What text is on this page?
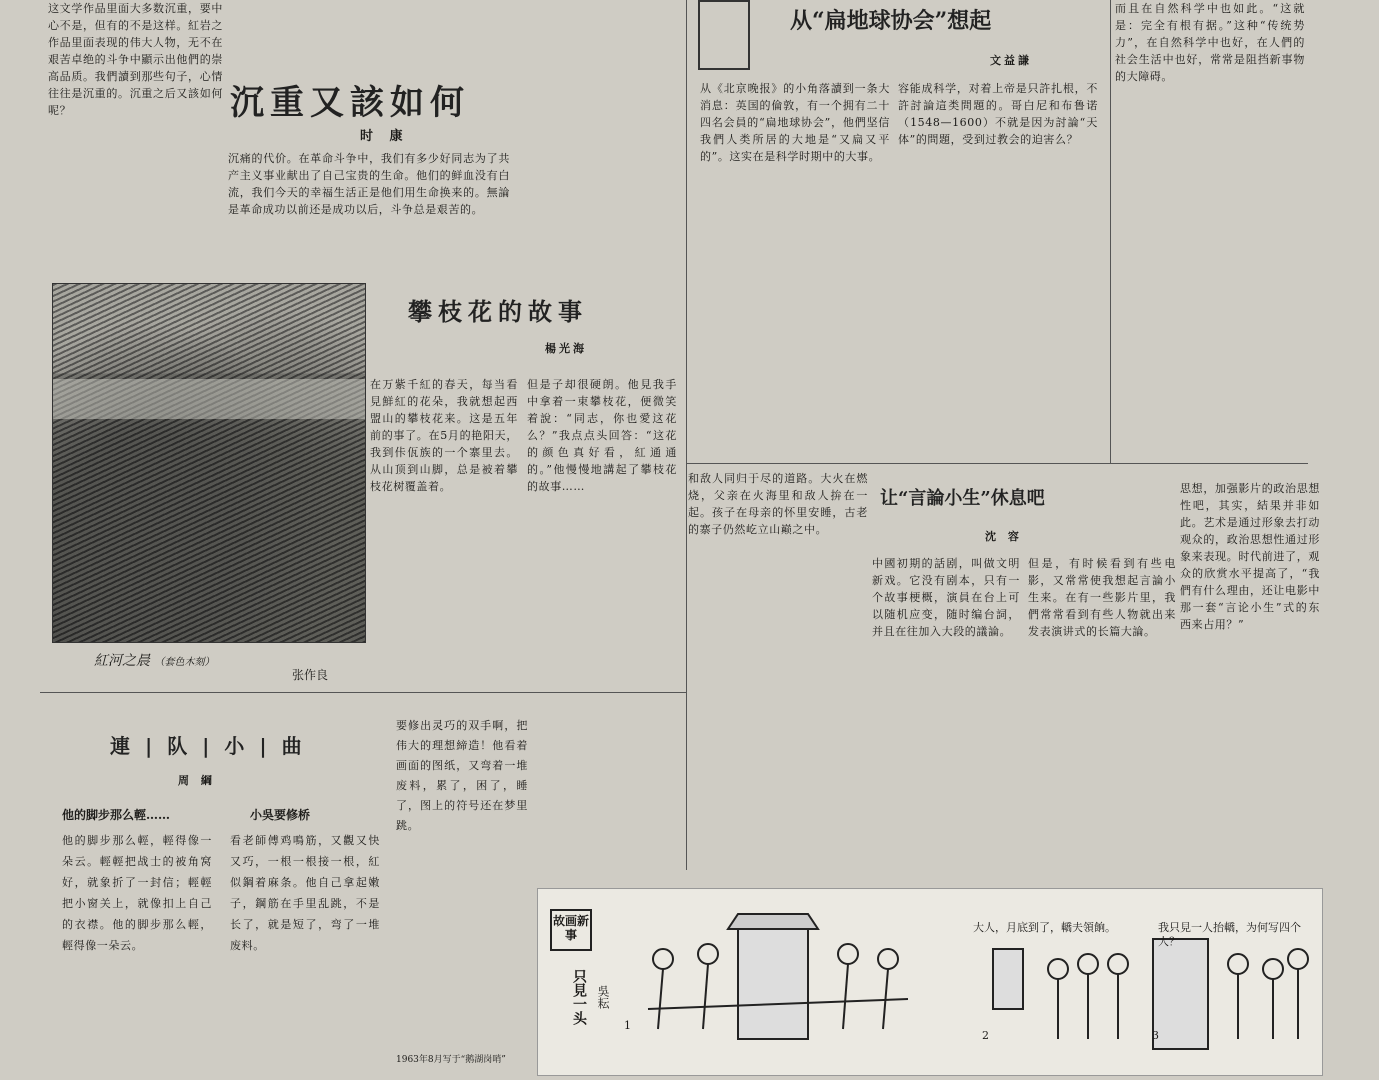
这文学作品里面大多数沉重，要中心不是，但有的不是这样。紅岩之作品里面表现的伟大人物，无不在艰苦卓绝的斗争中顯示出他們的崇高品质。我們讀到那些句子，心情往往是沉重的。沉重之后又該如何呢？	沉重又該如何
时 康
沉痛的代价。在革命斗争中，我们有多少好同志为了共产主义事业献出了自己宝贵的生命。他们的鲜血没有白流，我们今天的幸福生活正是他们用生命换来的。無論是革命成功以前还是成功以后，斗争总是艰苦的。
紅河之晨 （套色木刻）
张作良
攀枝花的故事
楊光海
在万紫千紅的春天，每当看見鮮紅的花朵，我就想起西盟山的攀枝花来。这是五年前的事了。在5月的艳阳天，我到佧佤族的一个寨里去。从山顶到山脚，总是被着攀枝花树覆盖着。
但是子却很硬朗。他見我手中拿着一束攀枝花，便微笑着說：“同志，你也愛这花么？”我点点头回答：“这花的颜色真好看，紅通通的。”他慢慢地講起了攀枝花的故事……
和敌人同归于尽的道路。大火在燃烧，父亲在火海里和敌人拚在一起。孩子在母亲的怀里安睡，古老的寨子仍然屹立山巅之中。
从“扁地球协会”想起
文益謙
从《北京晚报》的小角落讀到一条大消息：英国的倫敦，有一个拥有二十四名会員的“扁地球协会”，他們坚信我們人类所居的大地是“又扁又平的”。这实在是科学时期中的大事。
容能成科学，对着上帝是只許扎根，不許討論這类問題的。哥白尼和布鲁诺（1548—1600）不就是因为討論“天体”的問題，受到过教会的迫害么？
而且在自然科学中也如此。“这就是：完全有根有据。”这种“传统势力”，在自然科学中也好，在人們的社会生活中也好，常常是阻挡新事物的大障碍。
让“言論小生”休息吧
沈 容
中國初期的話剧，叫做文明新戏。它没有剧本，只有一个故事梗概，演員在台上可以随机应变，随时编台詞，并且在往加入大段的議論。
但是，有时候看到有些电影，又常常使我想起言論小生来。在有一些影片里，我們常常看到有些人物就出来发表演讲式的长篇大論。
思想，加强影片的政治思想性吧，其实，結果并非如此。艺术是通过形象去打动观众的，政治思想性通过形象来表现。时代前进了，观众的欣赏水平提高了，“我們有什么理由，还让电影中那一套“言论小生”式的东西来占用？”
連 | 队 | 小 | 曲
周 綱
他的脚步那么輕……	小吳要修桥
他的脚步那么輕，輕得像一朵云。輕輕把战士的被角窝好，就象折了一封信；輕輕把小窗关上，就像扣上自己的衣襟。他的脚步那么輕，輕得像一朵云。
看老師傅鸡鳴筋，又觀又快又巧，一根一根接一根，紅似鋼着麻条。他自己拿起嫩子，鋼筋在手里乱跳，不是长了，就是短了，弯了一堆废料。
要修出灵巧的双手啊，把伟大的理想締造！他看着画面的图纸，又弯着一堆废料，累了，困了，睡了，图上的符号还在梦里跳。
1963年8月写于“鹅湖岗哨”
故画新事
只見一头 吳耘
大人，月底到了，轎夫領餉。	我只見一人抬轎，为何写四个人？
1
2	3
